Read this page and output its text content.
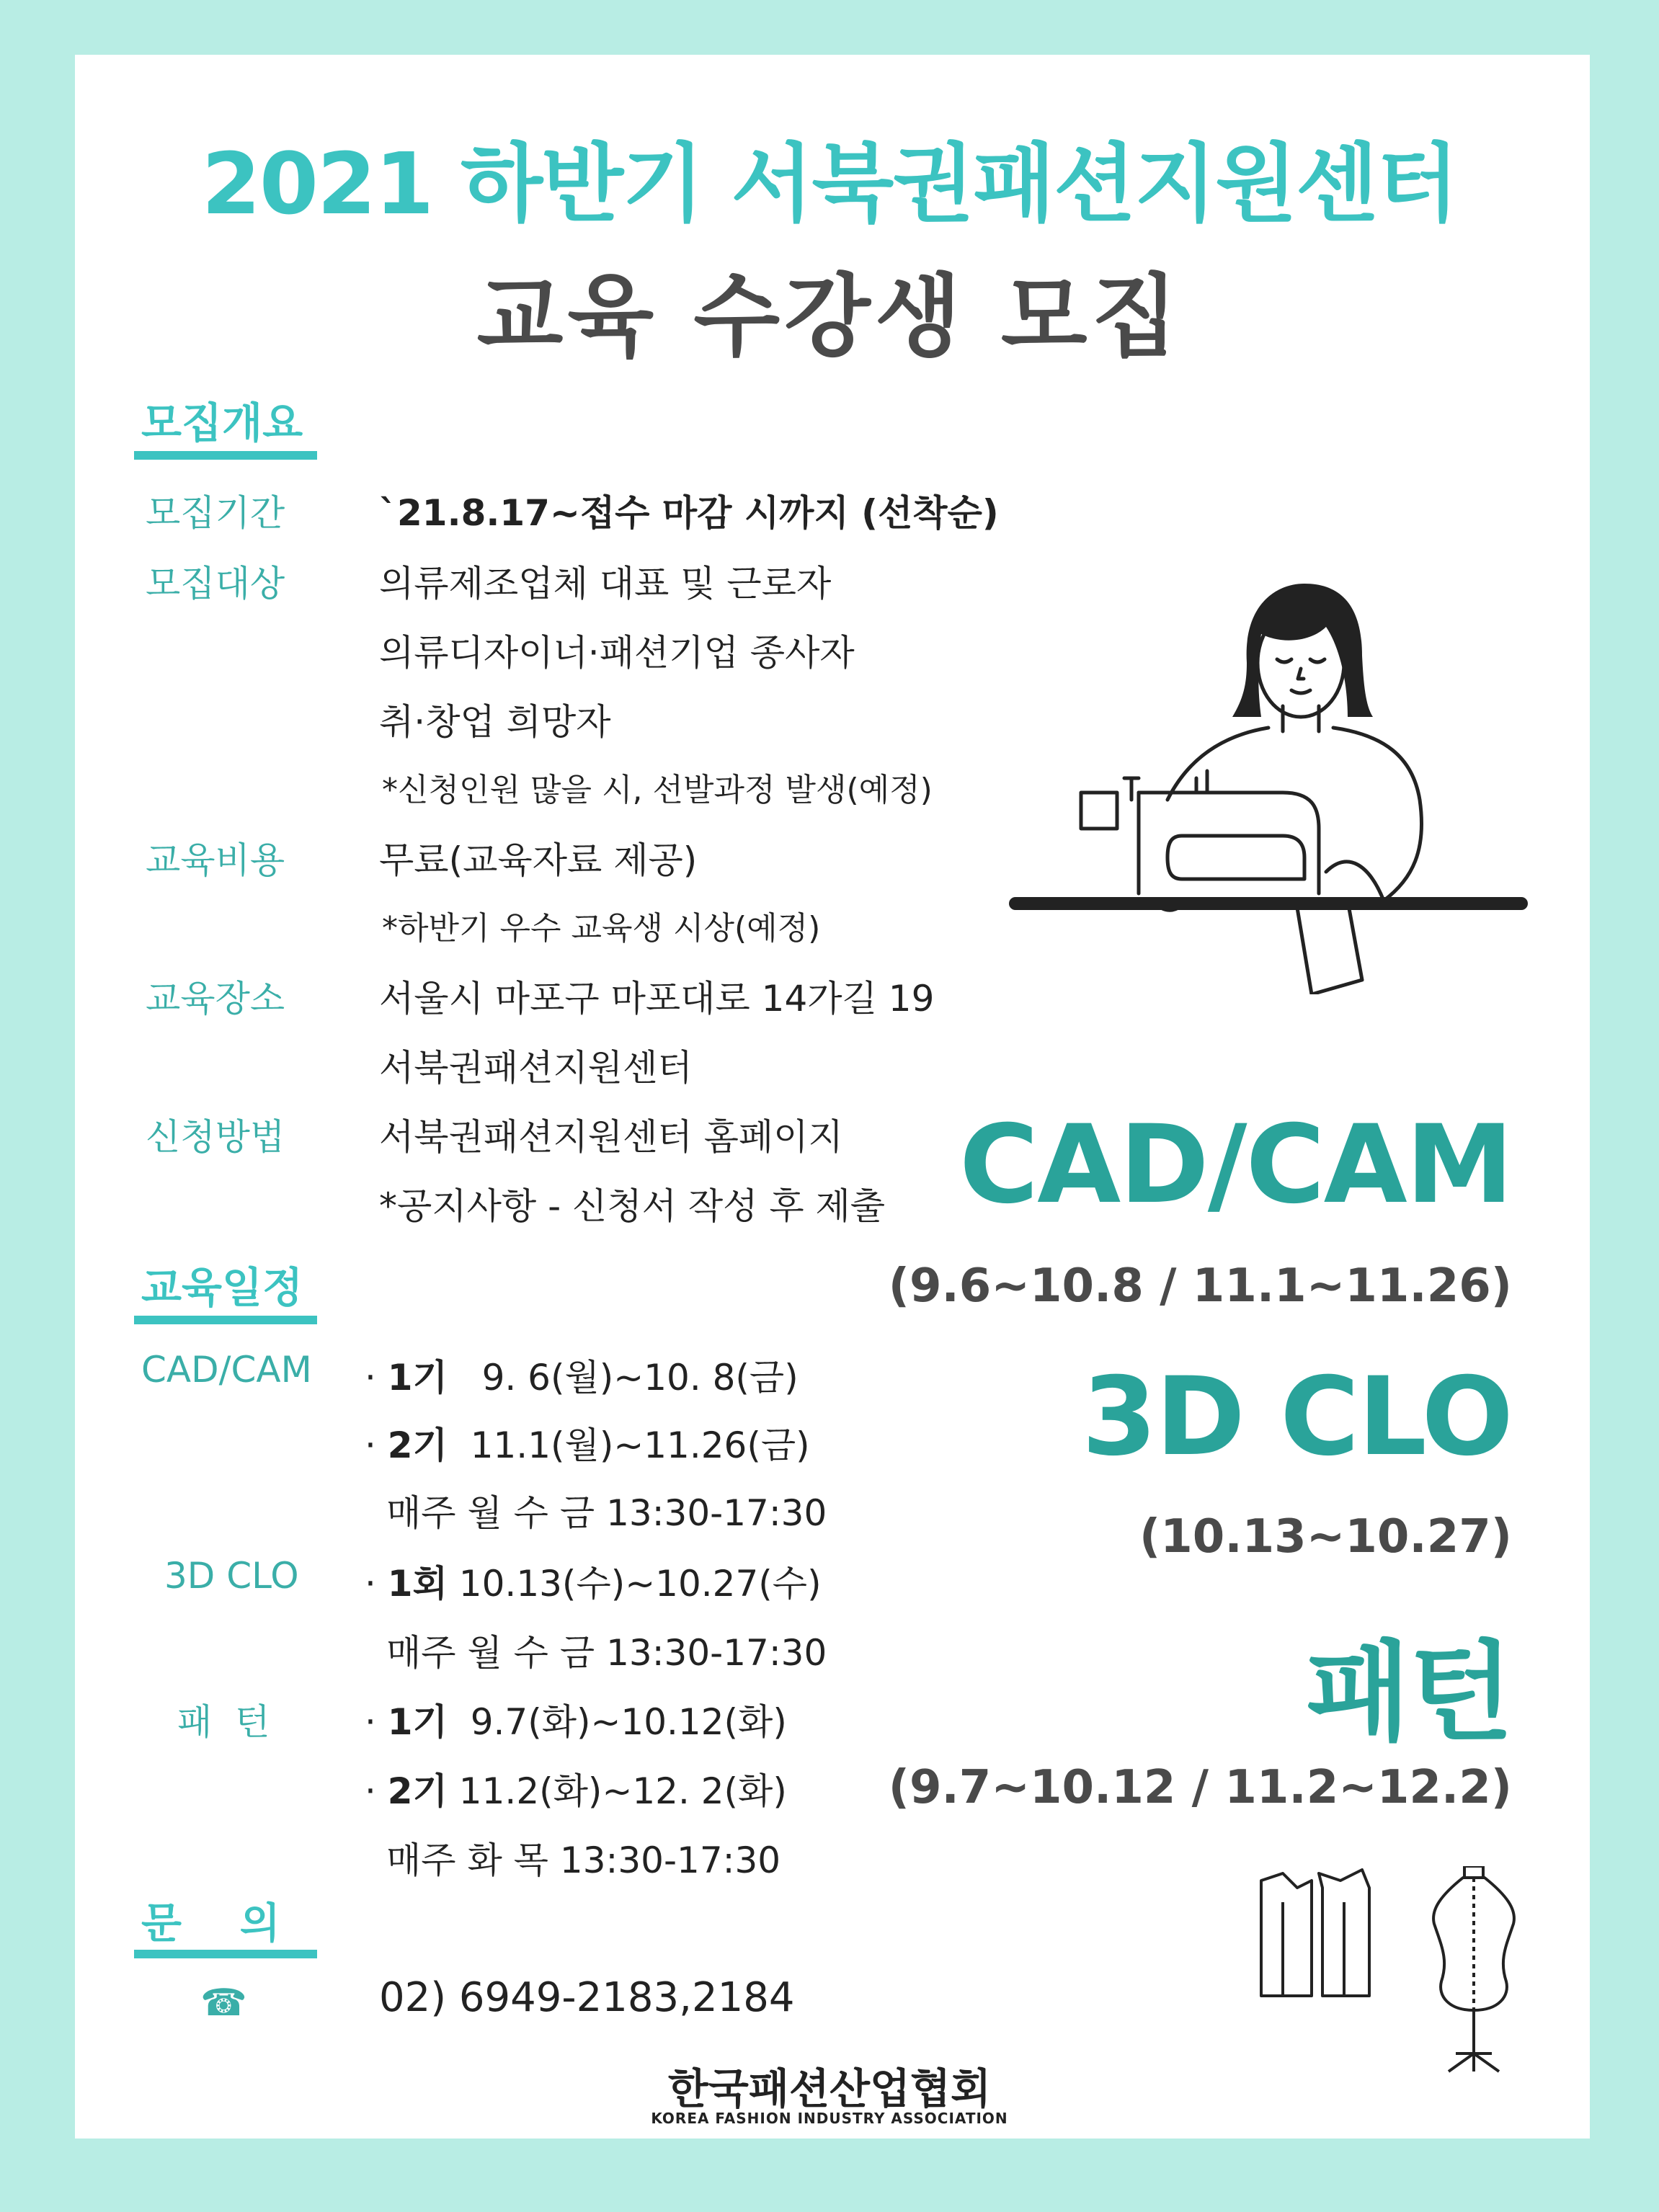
2021 하반기 서북권패션지원센터
교육 수강생 모집
모집개요
모집기간	`21.8.17~접수 마감 시까지 (선착순)
모집대상	의류제조업체 대표 및 근로자
의류디자이너·패션기업 종사자
취·창업 희망자
*신청인원 많을 시, 선발과정 발생(예정)
교육비용	무료(교육자료 제공)
*하반기 우수 교육생 시상(예정)
교육장소	서울시 마포구 마포대로 14가길 19
서북권패션지원센터
신청방법	서북권패션지원센터 홈페이지
*공지사항 - 신청서 작성 후 제출
교육일정
CAD/CAM · 1기 9. 6(월)~10. 8(금)
· 2기 11.1(월)~11.26(금)
매주 월 수 금 13:30-17:30
3D CLO · 1회 10.13(수)~10.27(수)
매주 월 수 금 13:30-17:30
패  턴	· 1기 9.7(화)~10.12(화)
· 2기 11.2(화)~12. 2(화)
매주 화 목 13:30-17:30
문    의
☎	02) 6949-2183,2184
CAD/CAM
(9.6~10.8 / 11.1~11.26)
3D CLO
(10.13~10.27)
패턴
(9.7~10.12 / 11.2~12.2)
한국패션산업협회
KOREA FASHION INDUSTRY ASSOCIATION
